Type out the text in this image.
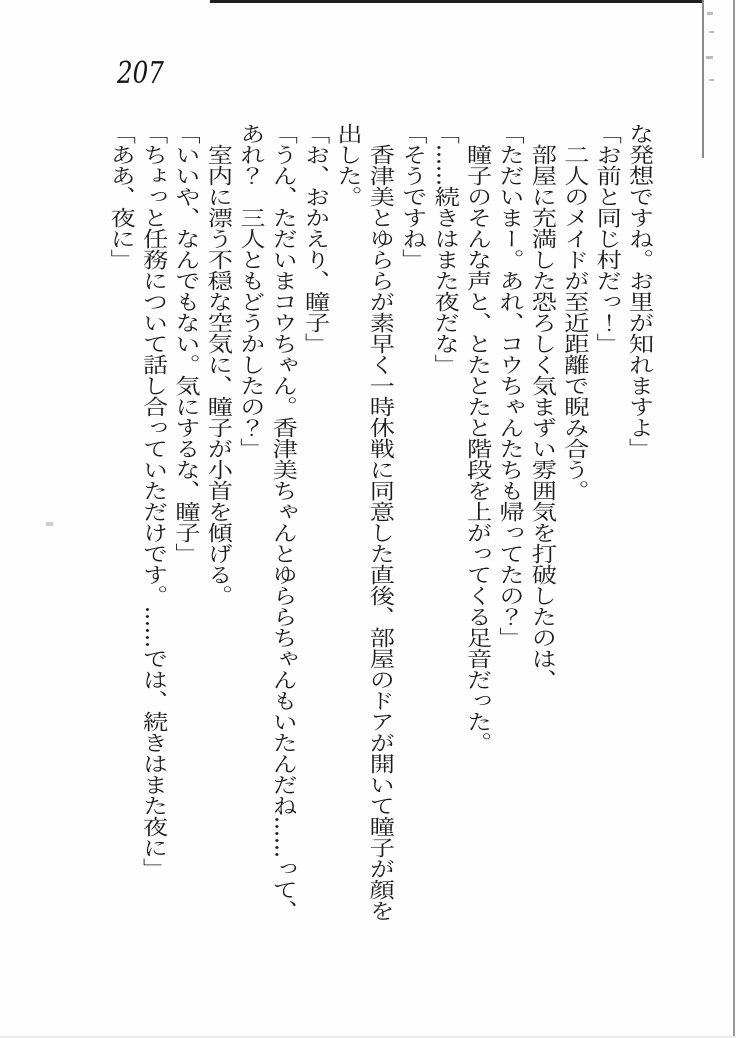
207

な発想ですね。お里が知れますよ」

「お前と同じ村だっ！」

　二人のメイドが至近距離で睨み合う。

　部屋に充満した恐ろしく気まずい雰囲気を打破したのは、

「ただいまー。あれ、コウちゃんたちも帰ってたの？」

　瞳子のそんな声と、とたとたと階段を上がってくる足音だった。

「……続きはまた夜だな」

「そうですね」

　香津美とゆららが素早く一時休戦に同意した直後、部屋のドアが開いて瞳子が顔を

出した。

「お、おかえり、瞳子」

「うん、ただいまコウちゃん。香津美ちゃんとゆららちゃんもいたんだね……って、

あれ？　三人ともどうかしたの？」

　室内に漂う不穏な空気に、瞳子が小首を傾げる。

「いいや、なんでもない。気にするな、瞳子」

「ちょっと任務について話し合っていただけです。……では、続きはまた夜に」

「ああ、夜に」
